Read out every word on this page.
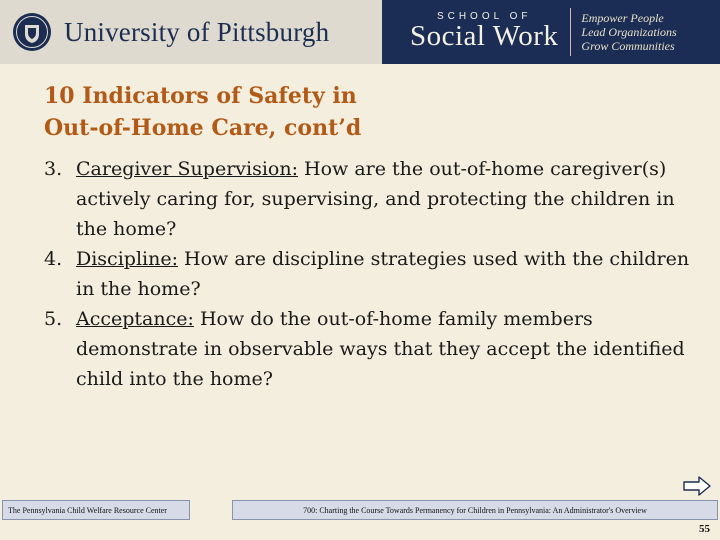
University of Pittsburgh	SCHOOL OF
Social Work
Empower People
Lead Organizations
Grow Communities
10 Indicators of Safety in
Out-of-Home Care, cont’d
3. Caregiver Supervision: How are the out-of-home caregiver(s) actively caring for, supervising, and protecting the children in the home?
4. Discipline: How are discipline strategies used with the children in the home?
5. Acceptance: How do the out-of-home family members demonstrate in observable ways that they accept the identified child into the home?
The Pennsylvania Child Welfare Resource Center	700: Charting the Course Towards Permanency for Children in Pennsylvania: An Administrator's Overview
55
